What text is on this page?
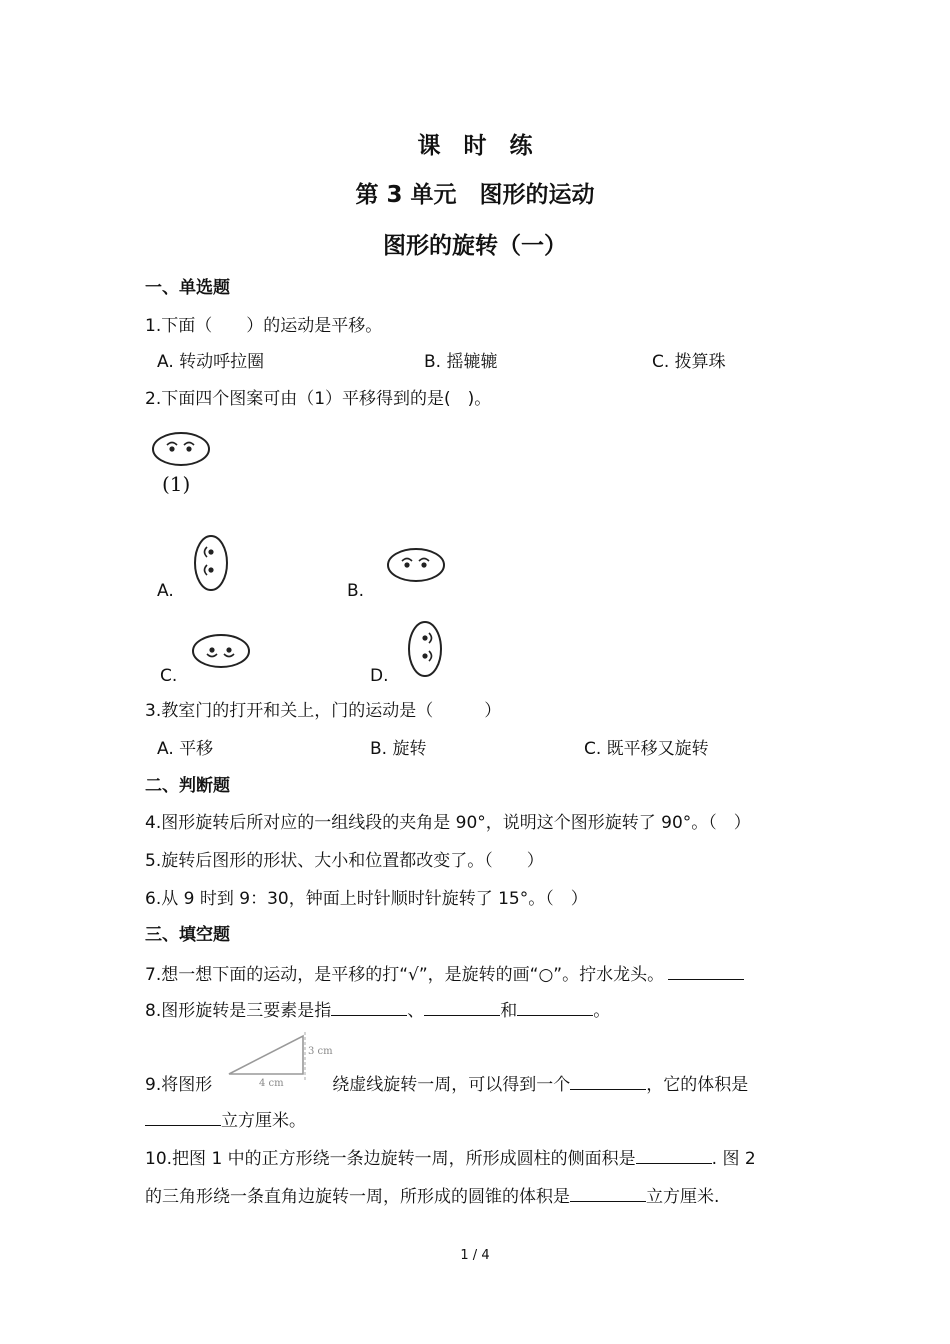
课　时　练
第 3 单元　图形的运动
图形的旋转（一）
一、单选题
1.下面（　　）的运动是平移。
A. 转动呼拉圈	B. 摇辘辘	C. 拨算珠
2.下面四个图案可由（1）平移得到的是(　)。
(1)
A.	B.
C.	D.
3.教室门的打开和关上，门的运动是（　　　）
A. 平移	B. 旋转	C. 既平移又旋转
二、判断题
4.图形旋转后所对应的一组线段的夹角是 90°，说明这个图形旋转了 90°。（　）
5.旋转后图形的形状、大小和位置都改变了。（　　）
6.从 9 时到 9：30，钟面上时针顺时针旋转了 15°。（　）
三、填空题
7.想一想下面的运动，是平移的打“√”，是旋转的画“○”。拧水龙头。
8.图形旋转是三要素是指	、	和	。
9.将图形	绕虚线旋转一周，可以得到一个	，它的体积是
3 cm
4 cm
立方厘米。
10.把图 1 中的正方形绕一条边旋转一周，所形成圆柱的侧面积是	. 图 2
的三角形绕一条直角边旋转一周，所形成的圆锥的体积是	立方厘米.
1 / 4
